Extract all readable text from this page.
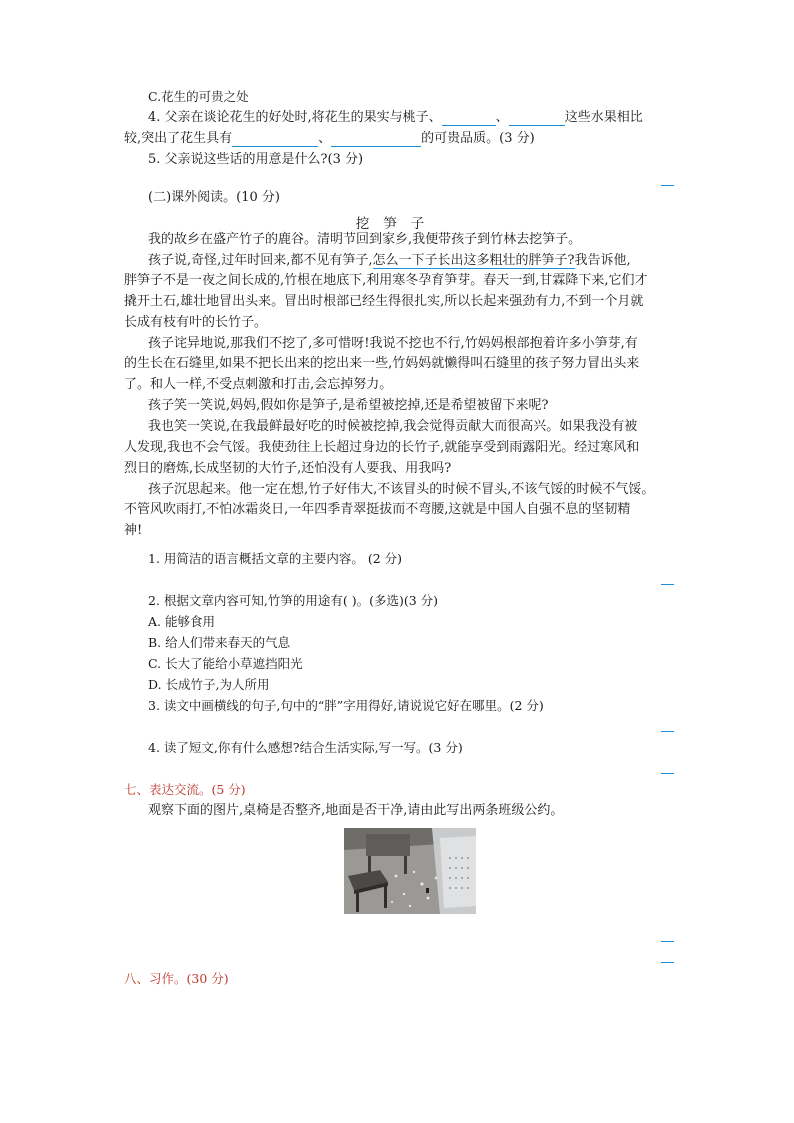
C.花生的可贵之处
4. 父亲在谈论花生的好处时,将花生的果实与桃子、	、	这些水果相比
较,突出了花生具有	、	的可贵品质。(3 分)
5. 父亲说这些话的用意是什么?(3 分)
(二)课外阅读。(10 分)
挖笋子
我的故乡在盛产竹子的鹿谷。清明节回到家乡,我便带孩子到竹林去挖笋子。
孩子说,奇怪,过年时回来,都不见有笋子,怎么一下子长出这多粗壮的胖笋子?我告诉他,
胖笋子不是一夜之间长成的,竹根在地底下,利用寒冬孕育笋芽。春天一到,甘霖降下来,它们才
撬开土石,雄壮地冒出头来。冒出时根部已经生得很扎实,所以长起来强劲有力,不到一个月就
长成有枝有叶的长竹子。
孩子诧异地说,那我们不挖了,多可惜呀!我说不挖也不行,竹妈妈根部抱着许多小笋芽,有
的生长在石缝里,如果不把长出来的挖出来一些,竹妈妈就懒得叫石缝里的孩子努力冒出头来
了。和人一样,不受点刺激和打击,会忘掉努力。
孩子笑一笑说,妈妈,假如你是笋子,是希望被挖掉,还是希望被留下来呢?
我也笑一笑说,在我最鲜最好吃的时候被挖掉,我会觉得贡献大而很高兴。如果我没有被
人发现,我也不会气馁。我使劲往上长超过身边的长竹子,就能享受到雨露阳光。经过寒风和
烈日的磨炼,长成坚韧的大竹子,还怕没有人要我、用我吗?
孩子沉思起来。他一定在想,竹子好伟大,不该冒头的时候不冒头,不该气馁的时候不气馁。
不管风吹雨打,不怕冰霜炎日,一年四季青翠挺拔而不弯腰,这就是中国人自强不息的坚韧精
神!
1. 用简洁的语言概括文章的主要内容。 (2 分)
2. 根据文章内容可知,竹笋的用途有( )。(多选)(3 分)
A. 能够食用
B. 给人们带来春天的气息
C. 长大了能给小草遮挡阳光
D. 长成竹子,为人所用
3. 读文中画横线的句子,句中的“胖”字用得好,请说说它好在哪里。(2 分)
4. 读了短文,你有什么感想?结合生活实际,写一写。(3 分)
七、表达交流。(5 分)
观察下面的图片,桌椅是否整齐,地面是否干净,请由此写出两条班级公约。
八、习作。(30 分)
